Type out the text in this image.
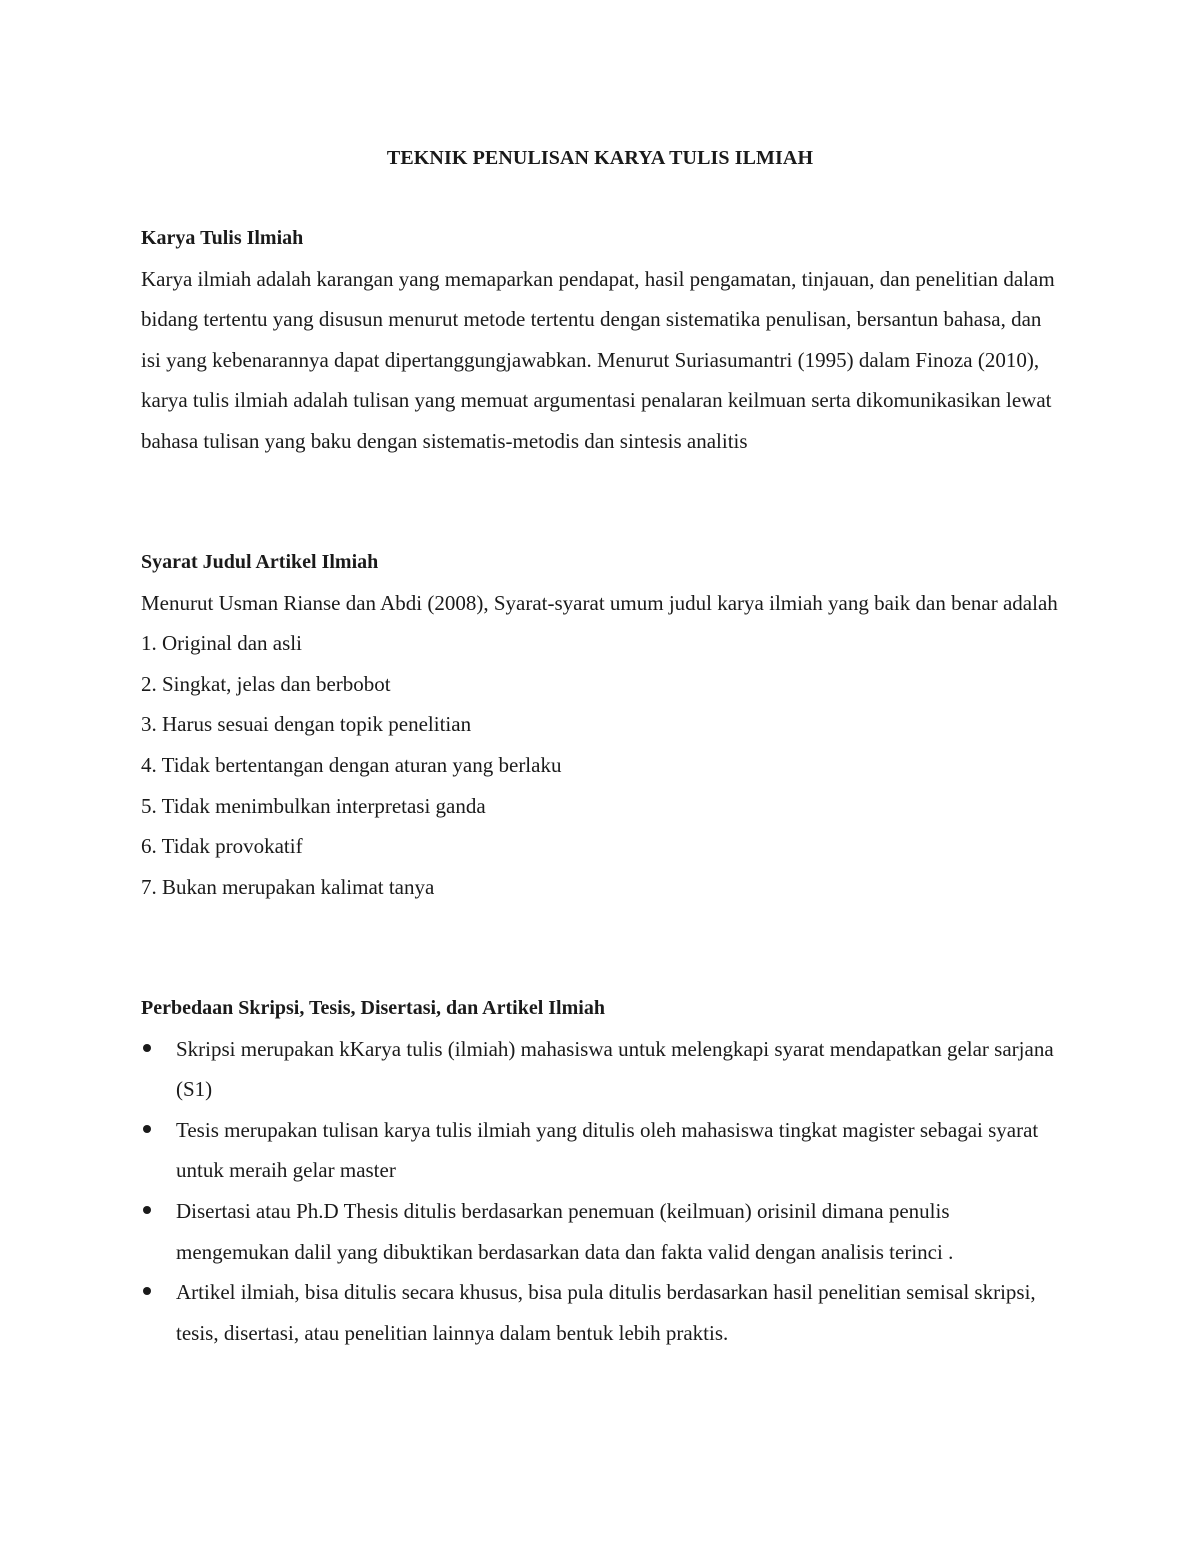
TEKNIK PENULISAN KARYA TULIS ILMIAH

Karya Tulis Ilmiah

Karya ilmiah adalah karangan yang memaparkan pendapat, hasil pengamatan, tinjauan, dan penelitian dalam bidang tertentu yang disusun menurut metode tertentu dengan sistematika penulisan, bersantun bahasa, dan isi yang kebenarannya dapat dipertanggungjawabkan. Menurut Suriasumantri (1995) dalam Finoza (2010), karya tulis ilmiah adalah tulisan yang memuat argumentasi penalaran keilmuan serta dikomunikasikan lewat bahasa tulisan yang baku dengan sistematis-metodis dan sintesis analitis

Syarat Judul Artikel Ilmiah

Menurut Usman Rianse dan Abdi (2008), Syarat-syarat umum judul karya ilmiah yang baik dan benar adalah

1. Original dan asli
2. Singkat, jelas dan berbobot
3. Harus sesuai dengan topik penelitian
4. Tidak bertentangan dengan aturan yang berlaku
5. Tidak menimbulkan interpretasi ganda
6. Tidak provokatif
7. Bukan merupakan kalimat tanya

Perbedaan Skripsi, Tesis, Disertasi, dan Artikel Ilmiah

Skripsi merupakan kKarya tulis (ilmiah) mahasiswa untuk melengkapi syarat mendapatkan gelar sarjana (S1)
Tesis merupakan tulisan karya tulis ilmiah yang ditulis oleh mahasiswa tingkat magister sebagai syarat untuk meraih gelar master
Disertasi atau Ph.D Thesis ditulis berdasarkan penemuan (keilmuan) orisinil dimana penulis mengemukan dalil yang dibuktikan berdasarkan data dan fakta valid dengan analisis terinci .
Artikel ilmiah, bisa ditulis secara khusus, bisa pula ditulis berdasarkan hasil penelitian semisal skripsi, tesis, disertasi, atau penelitian lainnya dalam bentuk lebih praktis.
